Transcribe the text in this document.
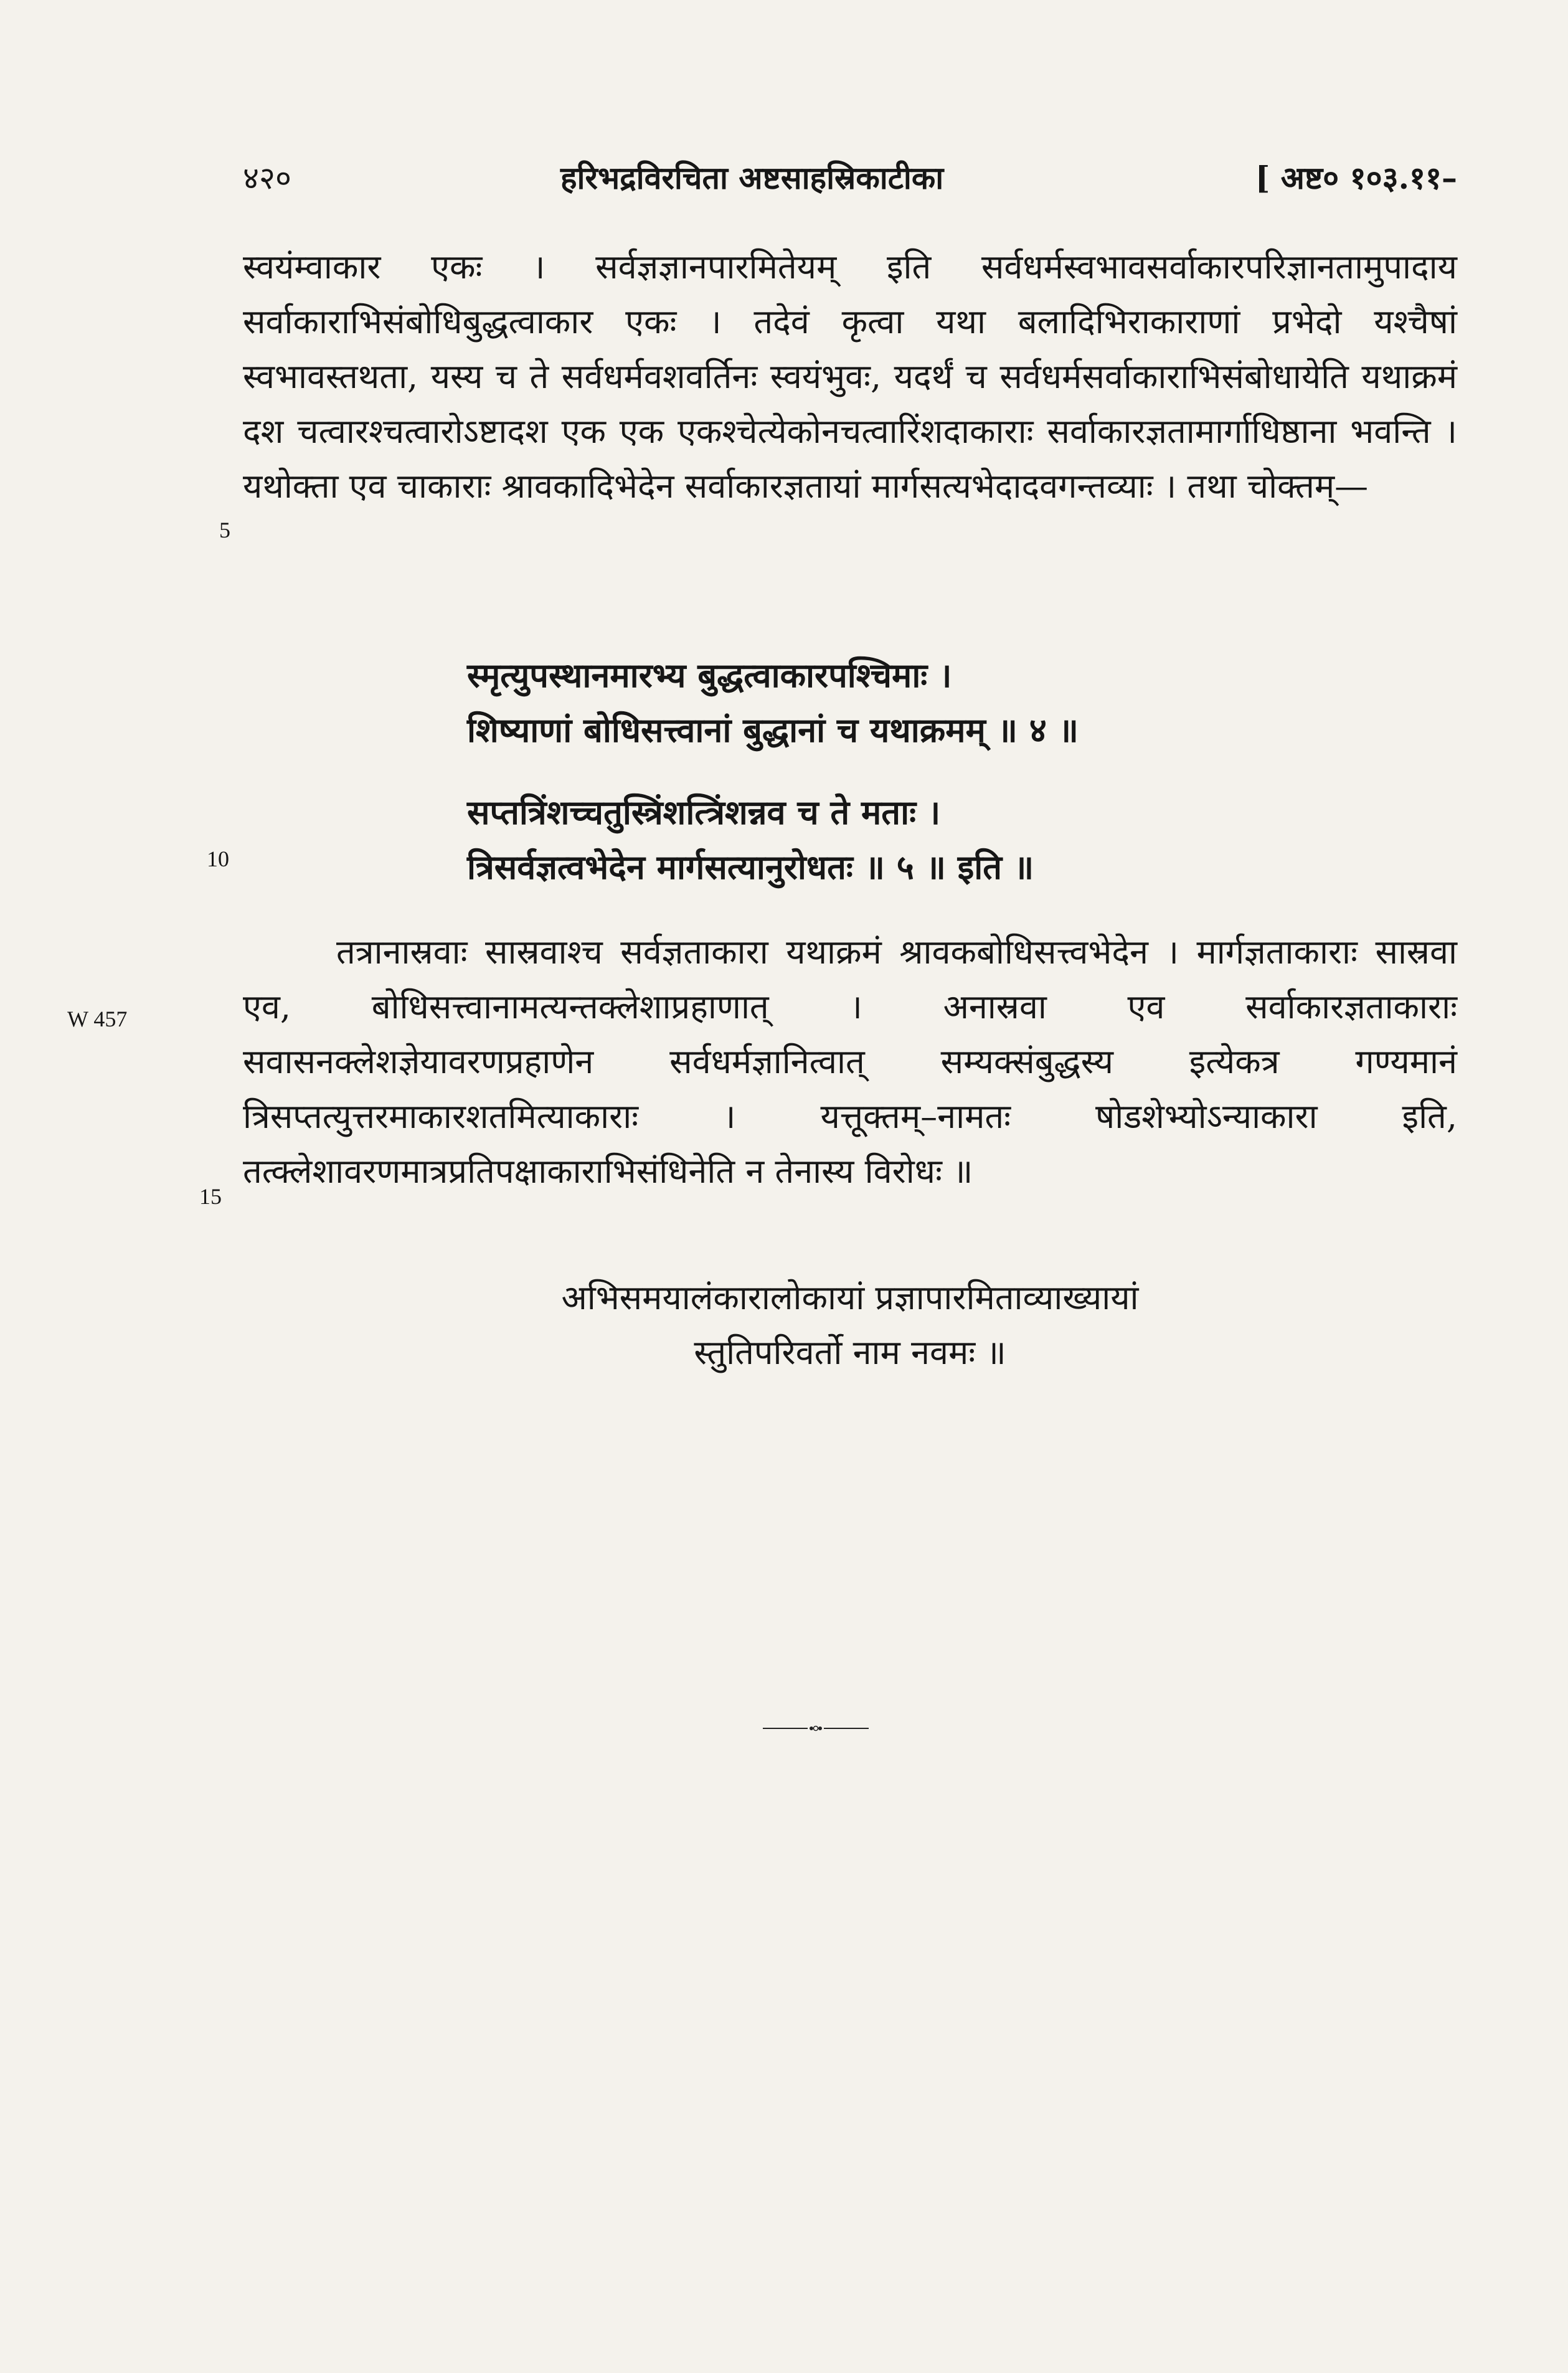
४२०	हरिभद्रविरचिता अष्टसाहस्रिकाटीका	[ अष्ट० १०३.११–
स्वयंम्वाकार एकः । सर्वज्ञज्ञानपारमितेयम् इति सर्वधर्मस्वभावसर्वाकारपरिज्ञानतामुपादाय सर्वाकाराभिसंबोधिबुद्धत्वाकार एकः । तदेवं कृत्वा यथा बलादिभिराकाराणां प्रभेदो यश्चैषां स्वभावस्तथता, यस्य च ते सर्वधर्मवशवर्तिनः स्वयंभुवः, यदर्थं च सर्वधर्मसर्वाकाराभिसंबोधायेति यथाक्रमं दश चत्वारश्चत्वारोऽष्टादश एक एक एकश्चेत्येकोनचत्वारिंशदाकाराः सर्वाकारज्ञतामार्गाधिष्ठाना भवन्ति । यथोक्ता एव चाकाराः श्रावकादिभेदेन सर्वाकारज्ञतायां मार्गसत्यभेदादवगन्तव्याः । तथा चोक्तम्—
5
स्मृत्युपस्थानमारभ्य बुद्धत्वाकारपश्चिमाः ।
शिष्याणां बोधिसत्त्वानां बुद्धानां च यथाक्रमम् ॥ ४ ॥
सप्तत्रिंशच्चतुस्त्रिंशत्त्रिंशन्नव च ते मताः ।
त्रिसर्वज्ञत्वभेदेन मार्गसत्यानुरोधतः ॥ ५ ॥ इति ॥
10
W 457
तत्रानास्रवाः सास्रवाश्च सर्वज्ञताकारा यथाक्रमं श्रावकबोधिसत्त्वभेदेन । मार्गज्ञताकाराः सास्रवा एव, बोधिसत्त्वानामत्यन्तक्लेशाप्रहाणात् । अनास्रवा एव सर्वाकारज्ञताकाराः सवासनक्लेशज्ञेयावरणप्रहाणेन सर्वधर्मज्ञानित्वात् सम्यक्संबुद्धस्य इत्येकत्र गण्यमानं त्रिसप्तत्युत्तरमाकारशतमित्याकाराः । यत्तूक्तम्–नामतः षोडशेभ्योऽन्याकारा इति, तत्क्लेशावरणमात्रप्रतिपक्षाकाराभिसंधिनेति न तेनास्य विरोधः ॥
15
अभिसमयालंकारालोकायां प्रज्ञापारमिताव्याख्यायां
स्तुतिपरिवर्तो नाम नवमः ॥
